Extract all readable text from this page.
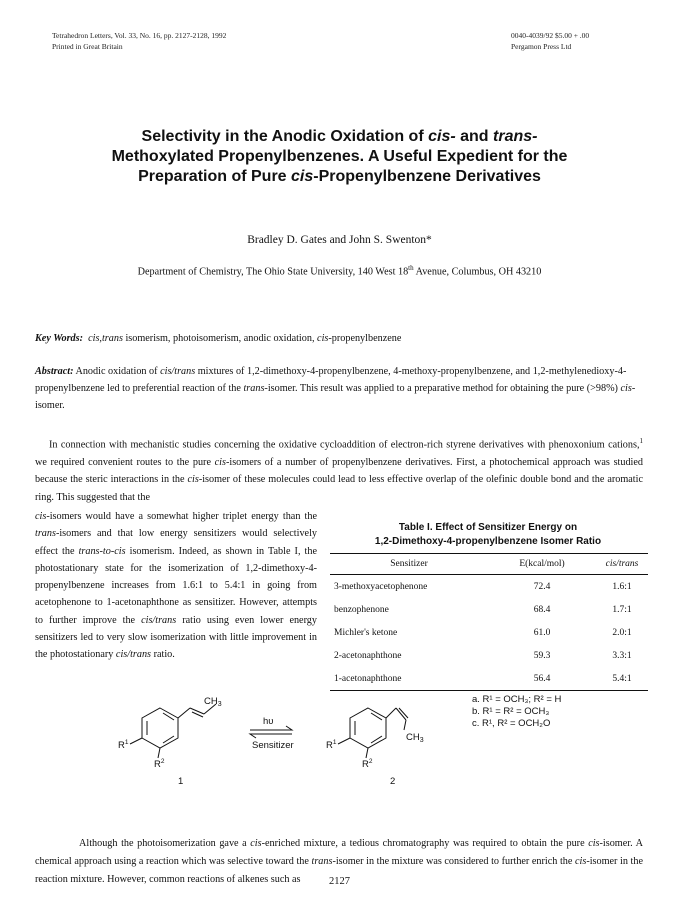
Tetrahedron Letters, Vol. 33, No. 16, pp. 2127-2128, 1992
Printed in Great Britain
0040-4039/92 $5.00 + .00
Pergamon Press Ltd
Selectivity in the Anodic Oxidation of cis- and trans-
Methoxylated Propenylbenzenes. A Useful Expedient for the
Preparation of Pure cis-Propenylbenzene Derivatives
Bradley D. Gates and John S. Swenton*
Department of Chemistry, The Ohio State University, 140 West 18th Avenue, Columbus, OH 43210
Key Words: cis,trans isomerism, photoisomerism, anodic oxidation, cis-propenylbenzene
Abstract: Anodic oxidation of cis/trans mixtures of 1,2-dimethoxy-4-propenylbenzene, 4-methoxy-propenylbenzene, and 1,2-methylenedioxy-4-propenylbenzene led to preferential reaction of the trans-isomer. This result was applied to a preparative method for obtaining the pure (>98%) cis-isomer.
In connection with mechanistic studies concerning the oxidative cycloaddition of electron-rich styrene derivatives with phenoxonium cations,$^1$ we required convenient routes to the pure cis-isomers of a number of propenylbenzene derivatives. First, a photochemical approach was studied because the steric interactions in the cis-isomer of these molecules could lead to less effective overlap of the olefinic double bond and the aromatic ring. This suggested that the
cis-isomers would have a somewhat higher triplet energy than the trans-isomers and that low energy sensitizers would selectively effect the trans-to-cis isomerism. Indeed, as shown in Table I, the photostationary state for the isomerization of 1,2-dimethoxy-4-propenylbenzene increases from 1.6:1 to 5.4:1 in going from acetophenone to 1-acetonaphthone as sensitizer. However, attempts to further improve the cis/trans ratio using even lower energy sensitizers led to very slow isomerization with little improvement in the photostationary cis/trans ratio.
Table I. Effect of Sensitizer Energy on
1,2-Dimethoxy-4-propenylbenzene Isomer Ratio
Sensitizer	E(kcal/mol)	cis/trans
3-methoxyacetophenone	72.4	1.6:1
benzophenone	68.4	1.7:1
Michler's ketone	61.0	2.0:1
2-acetonaphthone	59.3	3.3:1
1-acetonaphthone	56.4	5.4:1
$CH_3$
$R^1$
$R^2$
1
hυ
Sensitizer
$CH_3$
$R^1$
$R^2$
2
a. R¹ = OCH₃; R² = H
b. R¹ = R² = OCH₃
c. R¹, R² = OCH₂O
Although the photoisomerization gave a cis-enriched mixture, a tedious chromatography was required to obtain the pure cis-isomer. A chemical approach using a reaction which was selective toward the trans-isomer in the mixture was considered to further enrich the cis-isomer in the reaction mixture. However, common reactions of alkenes such as	2127
